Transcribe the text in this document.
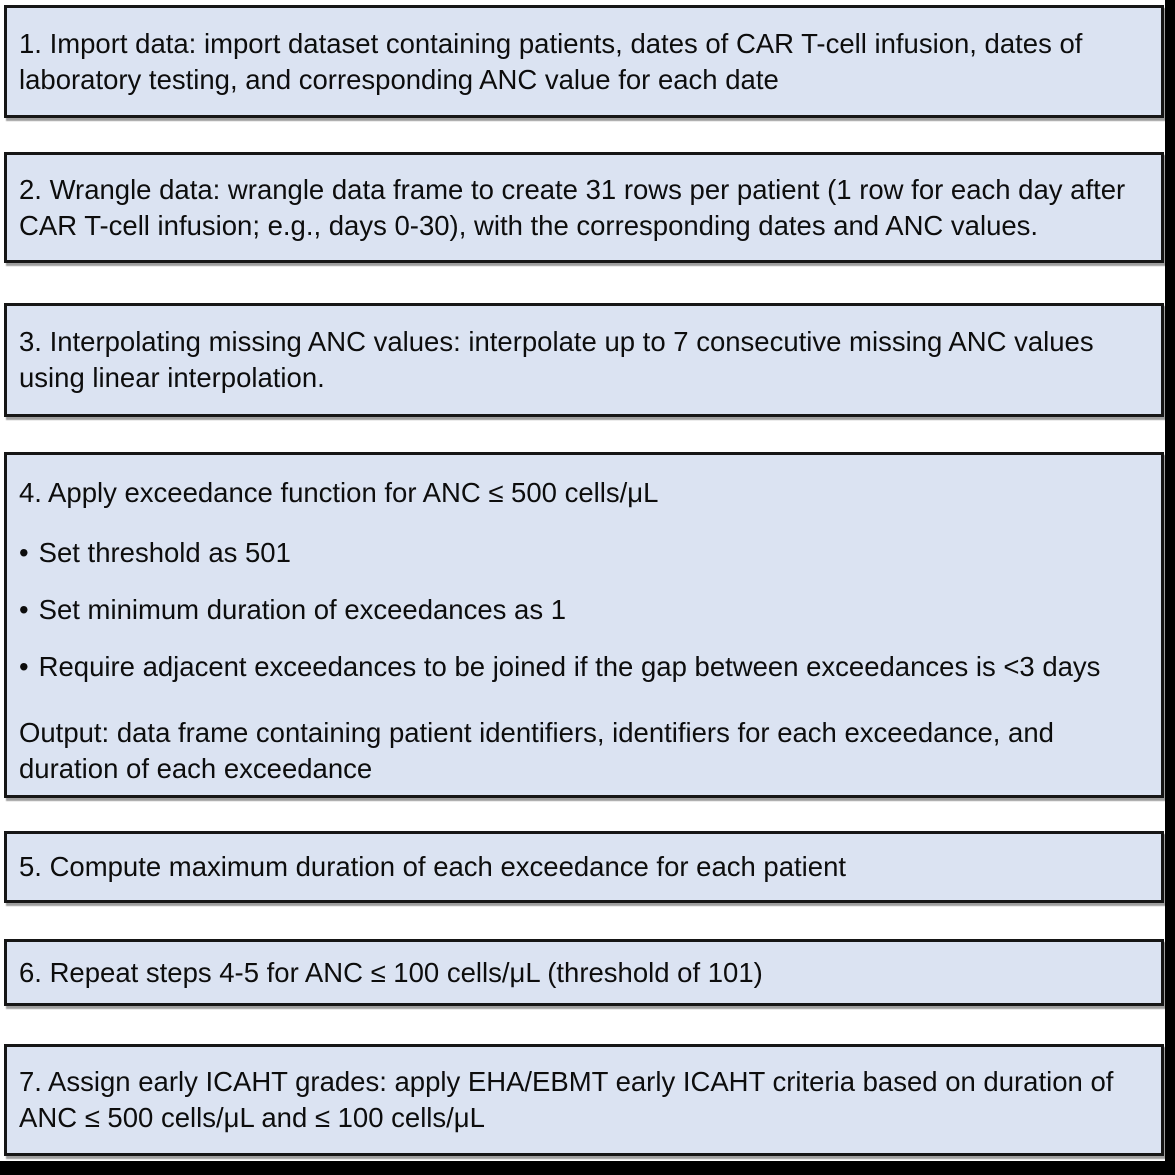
1. Import data: import dataset containing patients, dates of CAR T-cell infusion, dates of laboratory testing, and corresponding ANC value for each date
2. Wrangle data: wrangle data frame to create 31 rows per patient (1 row for each day after CAR T-cell infusion; e.g., days 0-30), with the corresponding dates and ANC values.
3. Interpolating missing ANC values: interpolate up to 7 consecutive missing ANC values using linear interpolation.
4. Apply exceedance function for ANC ≤ 500 cells/μL
• Set threshold as 501
• Set minimum duration of exceedances as 1
• Require adjacent exceedances to be joined if the gap between exceedances is <3 days
Output: data frame containing patient identifiers, identifiers for each exceedance, and duration of each exceedance
5. Compute maximum duration of each exceedance for each patient
6. Repeat steps 4-5 for ANC ≤ 100 cells/μL (threshold of 101)
7. Assign early ICAHT grades: apply EHA/EBMT early ICAHT criteria based on duration of ANC ≤ 500 cells/μL and ≤ 100 cells/μL
